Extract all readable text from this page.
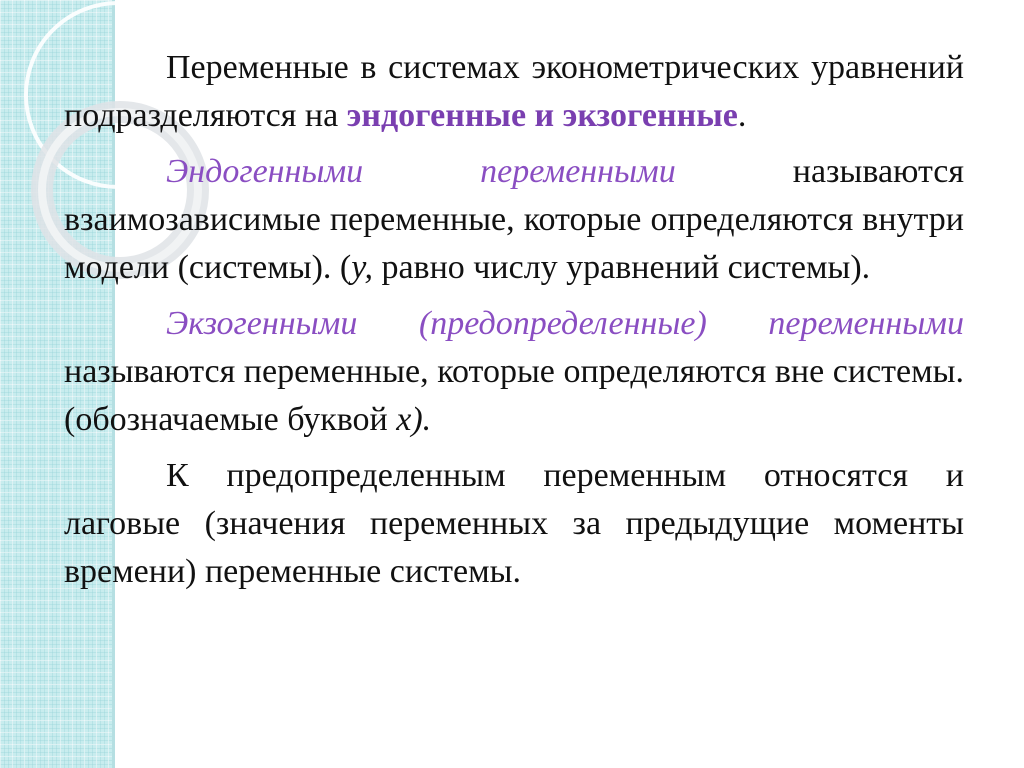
Переменные в системах эконометрических уравнений подразделяются на эндогенные и экзогенные.

Эндогенными переменными называются взаимозависимые переменные, которые определяются внутри модели (системы). (y, равно числу уравнений системы).

Экзогенными (предопределенные) переменными называются переменные, которые определяются вне системы. (обозначаемые буквой x).

К предопределенным переменным относятся и лаговые (значения переменных за предыдущие моменты времени) переменные системы.
